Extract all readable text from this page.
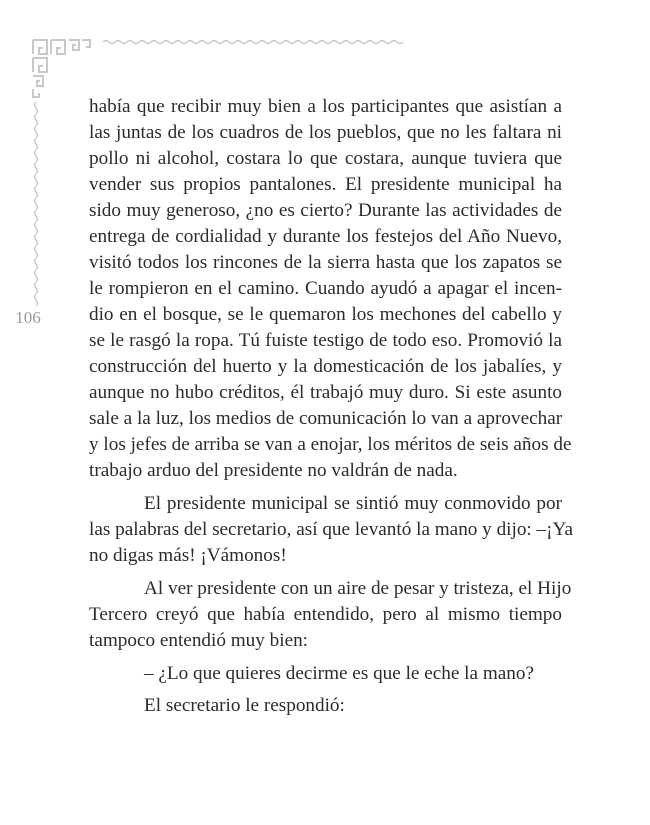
106

había que recibir muy bien a los participantes que asistían a
las juntas de los cuadros de los pueblos, que no les faltara ni
pollo ni alcohol, costara lo que costara, aunque tuviera que
vender sus propios pantalones. El presidente municipal ha
sido muy generoso, ¿no es cierto? Durante las actividades de
entrega de cordialidad y durante los festejos del Año Nuevo,
visitó todos los rincones de la sierra hasta que los zapatos se
le rompieron en el camino. Cuando ayudó a apagar el incen-
dio en el bosque, se le quemaron los mechones del cabello y
se le rasgó la ropa. Tú fuiste testigo de todo eso. Promovió la
construcción del huerto y la domesticación de los jabalíes, y
aunque no hubo créditos, él trabajó muy duro. Si este asunto
sale a la luz, los medios de comunicación lo van a aprovechar
y los jefes de arriba se van a enojar, los méritos de seis años de
trabajo arduo del presidente no valdrán de nada.

El presidente municipal se sintió muy conmovido por
las palabras del secretario, así que levantó la mano y dijo: –¡Ya
no digas más! ¡Vámonos!

Al ver presidente con un aire de pesar y tristeza, el Hijo
Tercero creyó que había entendido, pero al mismo tiempo
tampoco entendió muy bien:

– ¿Lo que quieres decirme es que le eche la mano?

El secretario le respondió:
